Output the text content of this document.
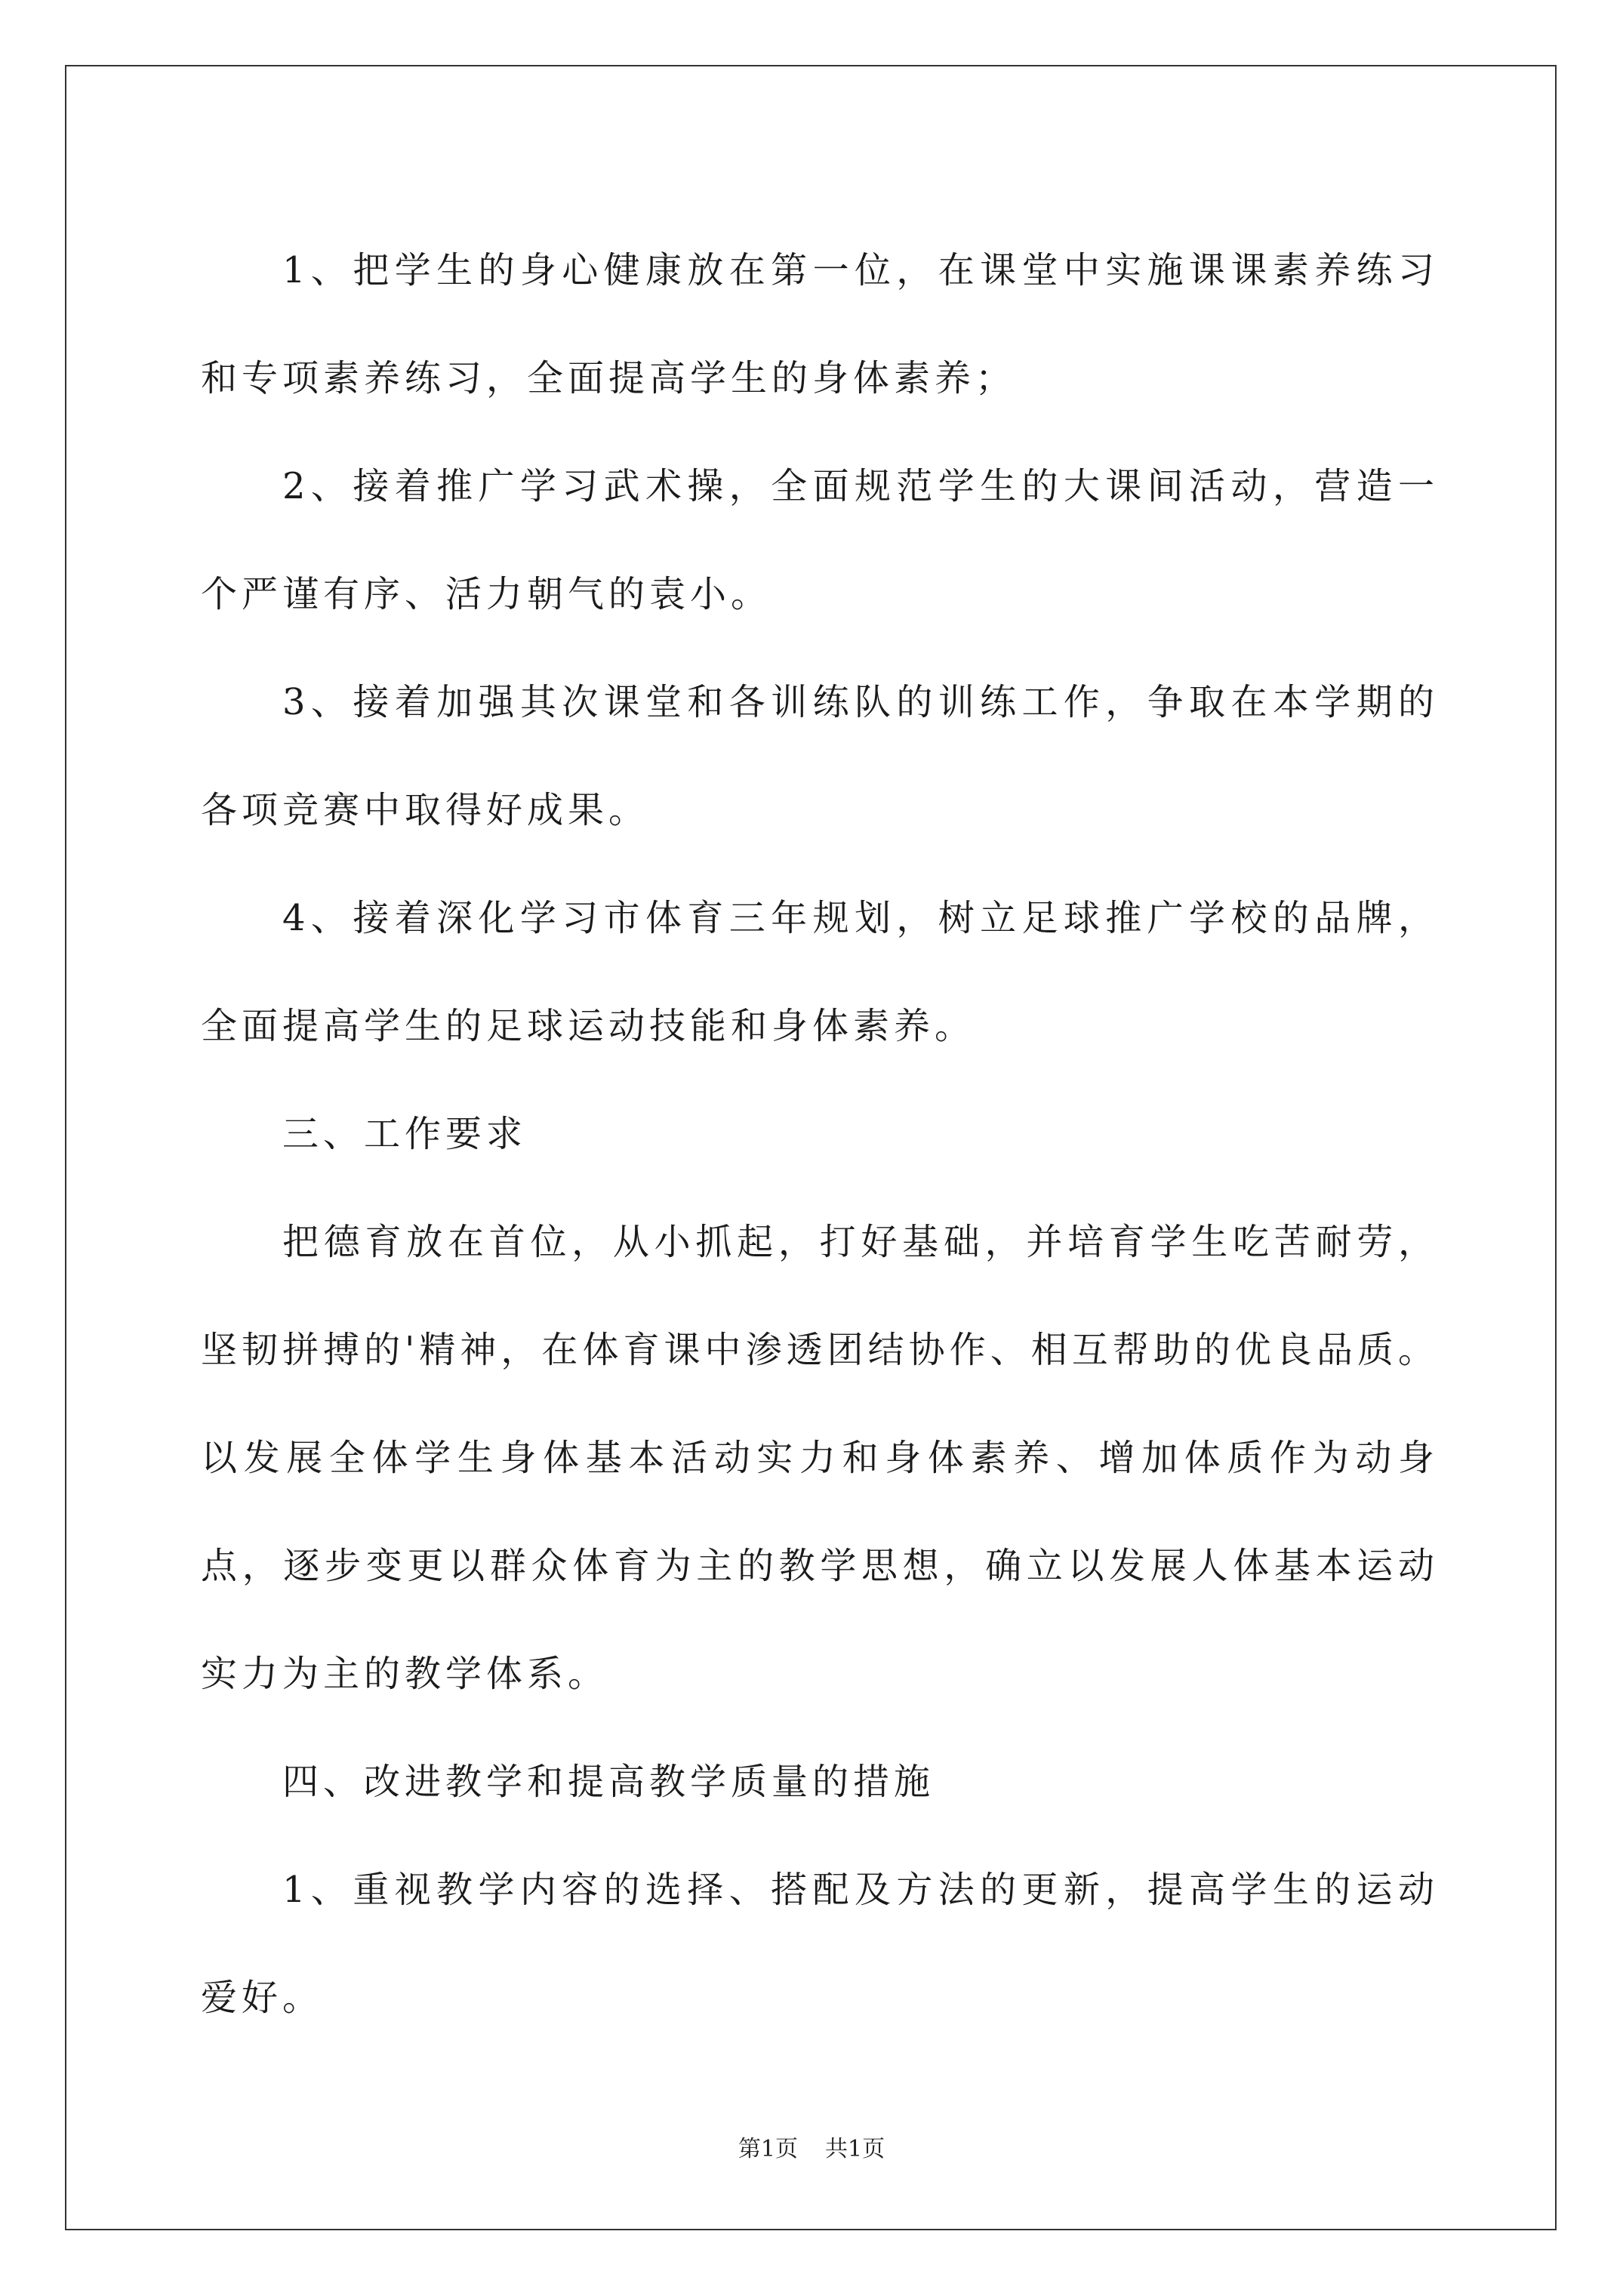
1、把学生的身心健康放在第一位，在课堂中实施课课素养练习和专项素养练习，全面提高学生的身体素养；

2、接着推广学习武术操，全面规范学生的大课间活动，营造一个严谨有序、活力朝气的袁小。

3、接着加强其次课堂和各训练队的训练工作，争取在本学期的各项竞赛中取得好成果。

4、接着深化学习市体育三年规划，树立足球推广学校的品牌，全面提高学生的足球运动技能和身体素养。

三、工作要求

把德育放在首位，从小抓起，打好基础，并培育学生吃苦耐劳，坚韧拼搏的'精神，在体育课中渗透团结协作、相互帮助的优良品质。以发展全体学生身体基本活动实力和身体素养、增加体质作为动身点，逐步变更以群众体育为主的教学思想，确立以发展人体基本运动实力为主的教学体系。

四、改进教学和提高教学质量的措施

1、重视教学内容的选择、搭配及方法的更新，提高学生的运动爱好。

第1页 共1页
